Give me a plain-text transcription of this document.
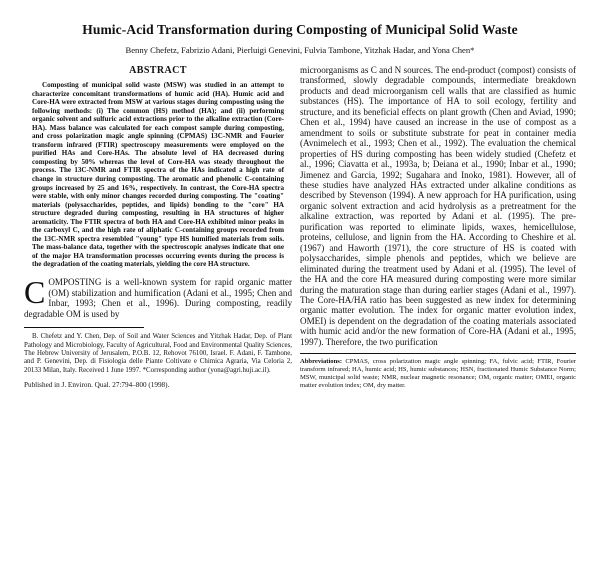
Humic-Acid Transformation during Composting of Municipal Solid Waste
Benny Chefetz, Fabrizio Adani, Pierluigi Genevini, Fulvia Tambone, Yitzhak Hadar, and Yona Chen*
ABSTRACT

Composting of municipal solid waste (MSW) was studied in an attempt to characterize concomitant transformations of humic acid (HA). Humic acid and Core-HA were extracted from MSW at various stages during composting using the following methods: (i) The common (HS) method (HA); and (ii) performing organic solvent and sulfuric acid extractions prior to the alkaline extraction (Core-HA). Mass balance was calculated for each compost sample during composting, and cross polarization magic angle spinning (CPMAS) 13C-NMR and Fourier transform infrared (FTIR) spectroscopy measurements were employed on the purified HAs and Core-HAs. The absolute level of HA decreased during composting by 50% whereas the level of Core-HA was steady throughout the process. The 13C-NMR and FTIR spectra of the HAs indicated a high rate of change in structure during composting. The aromatic and phenolic C-containing groups increased by 25 and 16%, respectively. In contrast, the Core-HA spectra were stable, with only minor changes recorded during composting. The "coating" materials (polysaccharides, peptides, and lipids) bonding to the "core" HA structure degraded during composting, resulting in HA structures of higher aromaticity. The FTIR spectra of both HA and Core-HA exhibited minor peaks in the carboxyl C, and the high rate of aliphatic C-containing groups recorded from the 13C-NMR spectra resembled "young" type HS humified materials from soils. The mass-balance data, together with the spectroscopic analyses indicate that one of the major HA transformation processes occurring events during the process is the degradation of the coating materials, yielding the core HA structure.

C OMPOSTING is a well-known system for rapid organic matter (OM) stabilization and humification (Adani et al., 1995; Chen and Inbar, 1993; Chen et al., 1996). During composting, readily degradable OM is used by

B. Chefetz and Y. Chen, Dep. of Soil and Water Sciences and Yitzhak Hadar, Dep. of Plant Pathology and Microbiology, Faculty of Agricultural, Food and Environmental Quality Sciences, The Hebrew University of Jerusalem, P.O.B. 12, Rehovot 76100, Israel. F. Adani, F. Tambone, and P. Genevini, Dep. di Fisiologia delle Piante Coltivate e Chimica Agraria, Via Celoria 2, 20133 Milan, Italy. Received 1 June 1997. *Corresponding author (yona@agri.huji.ac.il).

Published in J. Environ. Qual. 27:794–800 (1998).

microorganisms as C and N sources. The end-product (compost) consists of transformed, slowly degradable compounds, intermediate breakdown products and dead microorganism cell walls that are classified as humic substances (HS). The importance of HA to soil ecology, fertility and structure, and its beneficial effects on plant growth (Chen and Aviad, 1990; Chen et al., 1994) have caused an increase in the use of compost as a amendment to soils or substitute substrate for peat in container media (Avnimelech et al., 1993; Chen et al., 1992). The evaluation the chemical properties of HS during composting has been widely studied (Chefetz et al., 1996; Ciavatta et al., 1993a, b; Deiana et al., 1990; Inbar et al., 1990; Jimenez and Garcia, 1992; Sugahara and Inoko, 1981). However, all of these studies have analyzed HAs extracted under alkaline conditions as described by Stevenson (1994). A new approach for HA purification, using organic solvent extraction and acid hydrolysis as a pretreatment for the alkaline extraction, was reported by Adani et al. (1995). The pre-purification was reported to eliminate lipids, waxes, hemicellulose, proteins, cellulose, and lignin from the HA. According to Cheshire et al. (1967) and Haworth (1971), the core structure of HS is coated with polysaccharides, simple phenols and peptides, which we believe are eliminated during the treatment used by Adani et al. (1995). The level of the HA and the core HA measured during composting were more similar during the maturation stage than during earlier stages (Adani et al., 1997). The Core-HA/HA ratio has been suggested as new index for determining organic matter evolution. The index for organic matter evolution index, OMEI) is dependent on the degradation of the coating materials associated with humic acid and/or the new formation of Core-HA (Adani et al., 1995, 1997). Therefore, the two purification

Abbreviations: CPMAS, cross polarization magic angle spinning; FA, fulvic acid; FTIR, Fourier transform infrared; HA, humic acid; HS, humic substances; HSN, fractionated Humic Substance Norm; MSW, municipal solid waste; NMR, nuclear magnetic resonance; OM, organic matter; OMEI, organic matter evolution index; OM, dry matter.
